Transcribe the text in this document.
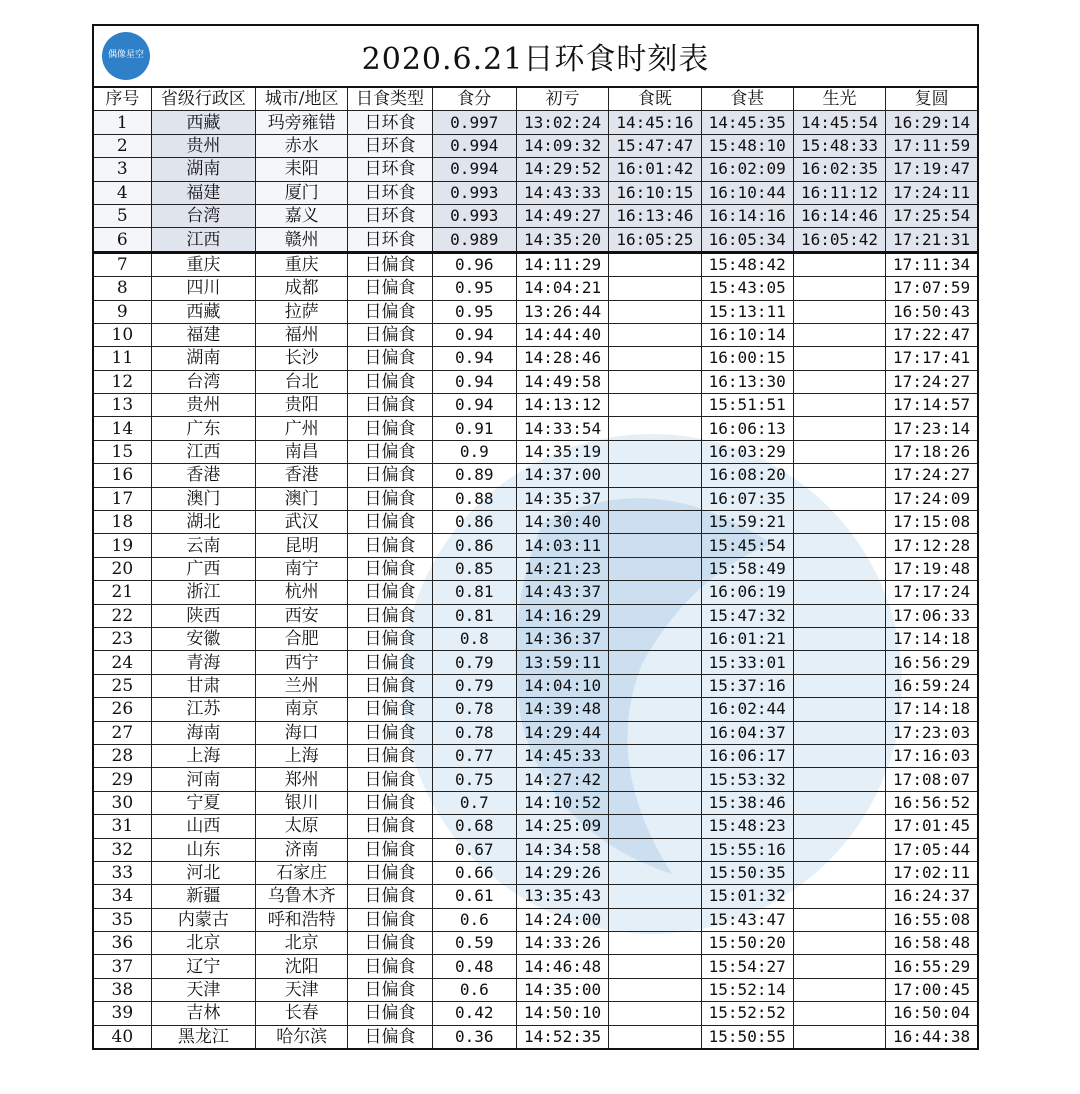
偶像星空	2020.6.21日环食时刻表
序号	省级行政区	城市/地区	日食类型	食分	初亏	食既	食甚	生光	复圆
1	西藏	玛旁雍错	日环食	0.997	13:02:24	14:45:16	14:45:35	14:45:54	16:29:14
2	贵州	赤水	日环食	0.994	14:09:32	15:47:47	15:48:10	15:48:33	17:11:59
3	湖南	耒阳	日环食	0.994	14:29:52	16:01:42	16:02:09	16:02:35	17:19:47
4	福建	厦门	日环食	0.993	14:43:33	16:10:15	16:10:44	16:11:12	17:24:11
5	台湾	嘉义	日环食	0.993	14:49:27	16:13:46	16:14:16	16:14:46	17:25:54
6	江西	赣州	日环食	0.989	14:35:20	16:05:25	16:05:34	16:05:42	17:21:31
7	重庆	重庆	日偏食	0.96	14:11:29		15:48:42		17:11:34
8	四川	成都	日偏食	0.95	14:04:21		15:43:05		17:07:59
9	西藏	拉萨	日偏食	0.95	13:26:44		15:13:11		16:50:43
10	福建	福州	日偏食	0.94	14:44:40		16:10:14		17:22:47
11	湖南	长沙	日偏食	0.94	14:28:46		16:00:15		17:17:41
12	台湾	台北	日偏食	0.94	14:49:58		16:13:30		17:24:27
13	贵州	贵阳	日偏食	0.94	14:13:12		15:51:51		17:14:57
14	广东	广州	日偏食	0.91	14:33:54		16:06:13		17:23:14
15	江西	南昌	日偏食	0.9	14:35:19		16:03:29		17:18:26
16	香港	香港	日偏食	0.89	14:37:00		16:08:20		17:24:27
17	澳门	澳门	日偏食	0.88	14:35:37		16:07:35		17:24:09
18	湖北	武汉	日偏食	0.86	14:30:40		15:59:21		17:15:08
19	云南	昆明	日偏食	0.86	14:03:11		15:45:54		17:12:28
20	广西	南宁	日偏食	0.85	14:21:23		15:58:49		17:19:48
21	浙江	杭州	日偏食	0.81	14:43:37		16:06:19		17:17:24
22	陕西	西安	日偏食	0.81	14:16:29		15:47:32		17:06:33
23	安徽	合肥	日偏食	0.8	14:36:37		16:01:21		17:14:18
24	青海	西宁	日偏食	0.79	13:59:11		15:33:01		16:56:29
25	甘肃	兰州	日偏食	0.79	14:04:10		15:37:16		16:59:24
26	江苏	南京	日偏食	0.78	14:39:48		16:02:44		17:14:18
27	海南	海口	日偏食	0.78	14:29:44		16:04:37		17:23:03
28	上海	上海	日偏食	0.77	14:45:33		16:06:17		17:16:03
29	河南	郑州	日偏食	0.75	14:27:42		15:53:32		17:08:07
30	宁夏	银川	日偏食	0.7	14:10:52		15:38:46		16:56:52
31	山西	太原	日偏食	0.68	14:25:09		15:48:23		17:01:45
32	山东	济南	日偏食	0.67	14:34:58		15:55:16		17:05:44
33	河北	石家庄	日偏食	0.66	14:29:26		15:50:35		17:02:11
34	新疆	乌鲁木齐	日偏食	0.61	13:35:43		15:01:32		16:24:37
35	内蒙古	呼和浩特	日偏食	0.6	14:24:00		15:43:47		16:55:08
36	北京	北京	日偏食	0.59	14:33:26		15:50:20		16:58:48
37	辽宁	沈阳	日偏食	0.48	14:46:48		15:54:27		16:55:29
38	天津	天津	日偏食	0.6	14:35:00		15:52:14		17:00:45
39	吉林	长春	日偏食	0.42	14:50:10		15:52:52		16:50:04
40	黑龙江	哈尔滨	日偏食	0.36	14:52:35		15:50:55		16:44:38
